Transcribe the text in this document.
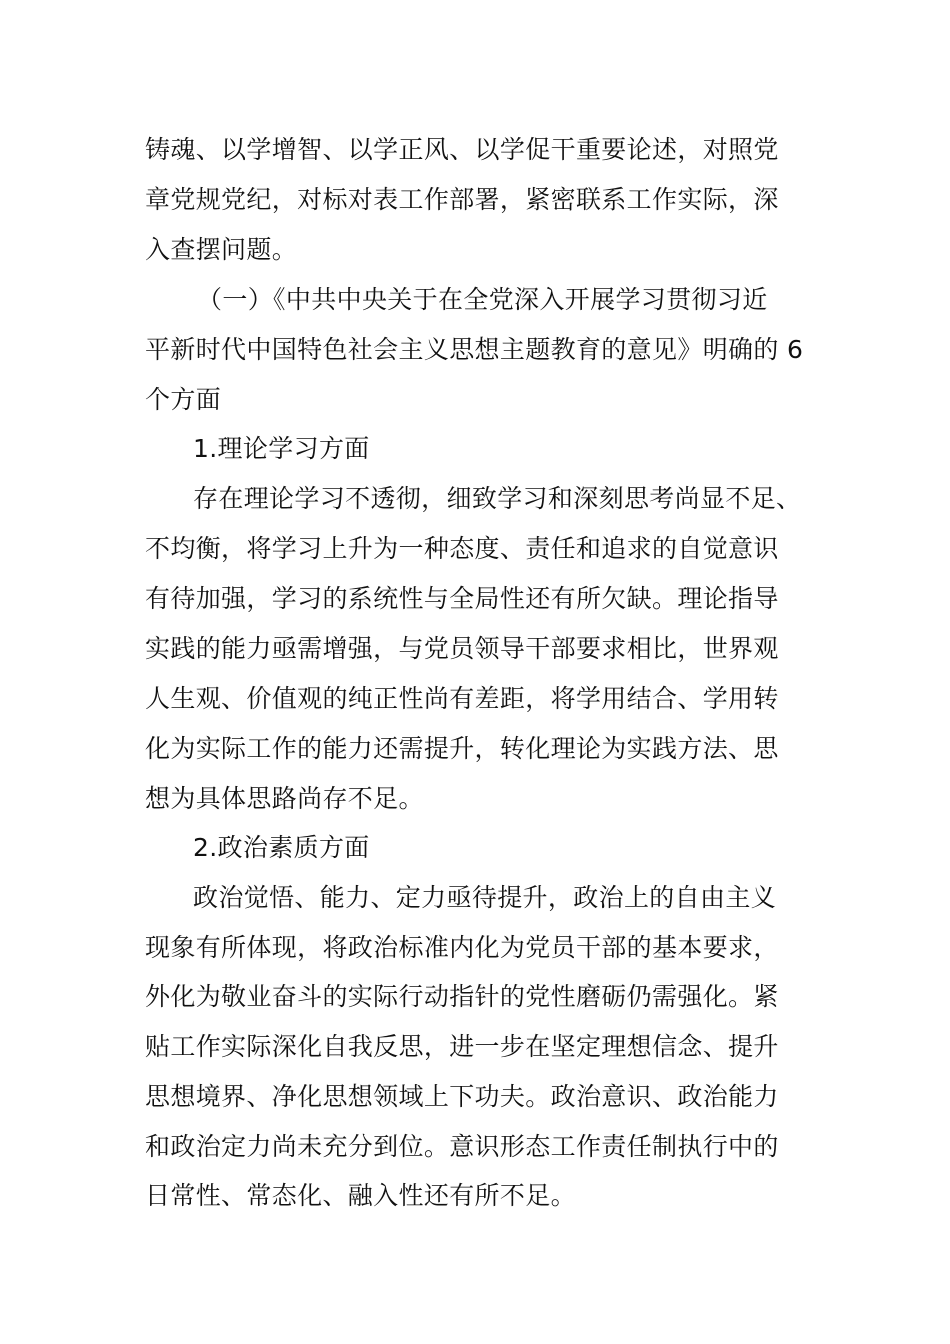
铸魂、以学增智、以学正风、以学促干重要论述，对照党
章党规党纪，对标对表工作部署，紧密联系工作实际，深
入查摆问题。
（一）《中共中央关于在全党深入开展学习贯彻习近
平新时代中国特色社会主义思想主题教育的意见》明确的 6
个方面
1.理论学习方面
存在理论学习不透彻，细致学习和深刻思考尚显不足、
不均衡，将学习上升为一种态度、责任和追求的自觉意识
有待加强，学习的系统性与全局性还有所欠缺。理论指导
实践的能力亟需增强，与党员领导干部要求相比，世界观
人生观、价值观的纯正性尚有差距，将学用结合、学用转
化为实际工作的能力还需提升，转化理论为实践方法、思
想为具体思路尚存不足。
2.政治素质方面
政治觉悟、能力、定力亟待提升，政治上的自由主义
现象有所体现，将政治标准内化为党员干部的基本要求，
外化为敬业奋斗的实际行动指针的党性磨砺仍需强化。紧
贴工作实际深化自我反思，进一步在坚定理想信念、提升
思想境界、净化思想领域上下功夫。政治意识、政治能力
和政治定力尚未充分到位。意识形态工作责任制执行中的
日常性、常态化、融入性还有所不足。
